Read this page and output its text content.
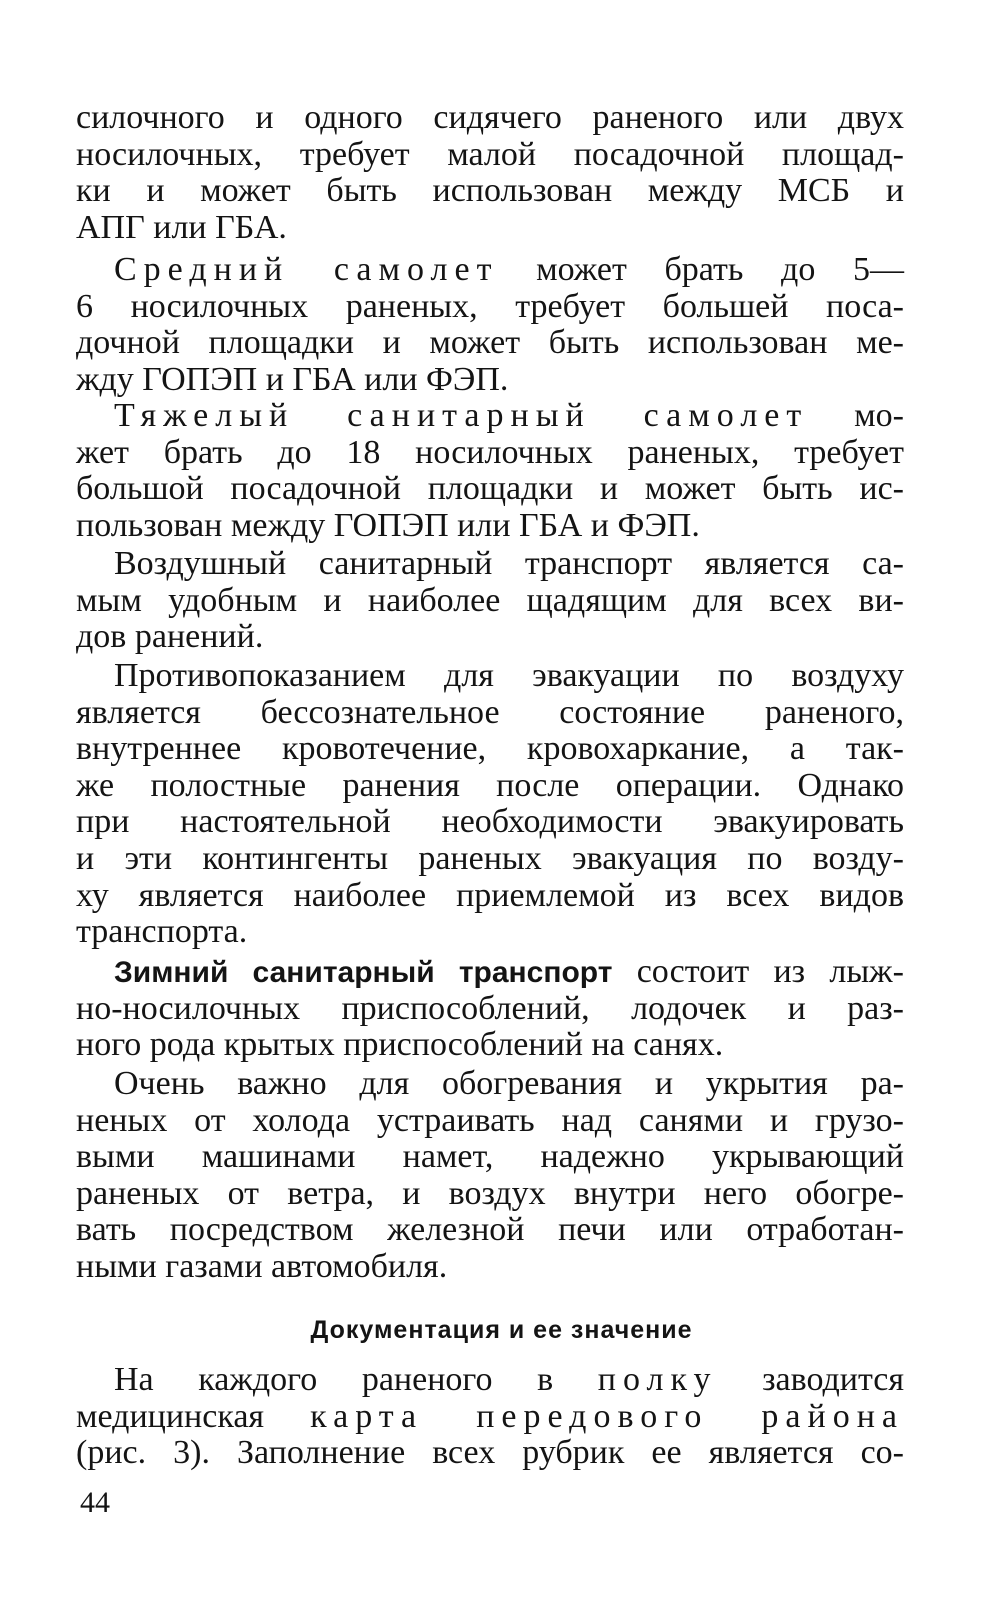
силочного и одного сидячего раненого или двух
носилочных, требует малой посадочной площад-
ки и может быть использован между МСБ и
АПГ или ГБА.
Средний самолет может брать до 5—
6 носилочных раненых, требует большей поса-
дочной площадки и может быть использован ме-
жду ГОПЭП и ГБА или ФЭП.
Тяжелый санитарный самолет мо-
жет брать до 18 носилочных раненых, требует
большой посадочной площадки и может быть ис-
пользован между ГОПЭП или ГБА и ФЭП.
Воздушный санитарный транспорт является са-
мым удобным и наиболее щадящим для всех ви-
дов ранений.
Противопоказанием для эвакуации по воздуху
является бессознательное состояние раненого,
внутреннее кровотечение, кровохаркание, а так-
же полостные ранения после операции. Однако
при настоятельной необходимости эвакуировать
и эти контингенты раненых эвакуация по возду-
ху является наиболее приемлемой из всех видов
транспорта.
Зимний санитарный транспорт состоит из лыж-
но-носилочных приспособлений, лодочек и раз-
ного рода крытых приспособлений на санях.
Очень важно для обогревания и укрытия ра-
неных от холода устраивать над санями и грузо-
выми машинами намет, надежно укрывающий
раненых от ветра, и воздух внутри него обогре-
вать посредством железной печи или отработан-
ными газами автомобиля.
Документация и ее значение
На каждого раненого в полку заводится
медицинская карта передового района
(рис. 3). Заполнение всех рубрик ее является со-
44
